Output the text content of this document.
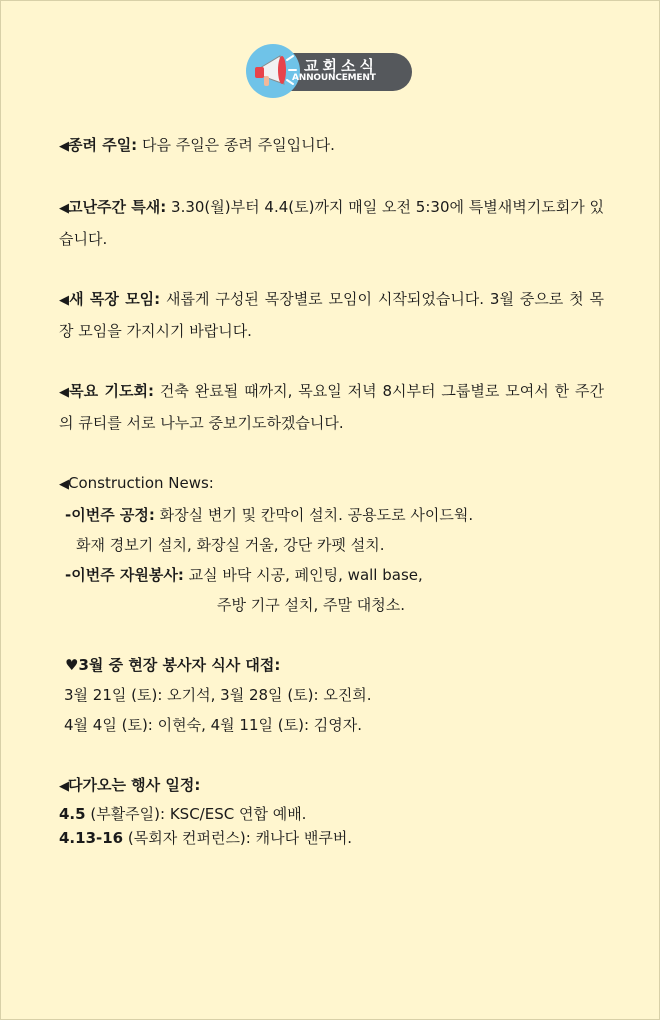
교회소식
ANNOUNCEMENT

◀종려 주일: 다음 주일은 종려 주일입니다.

◀고난주간 특새: 3.30(월)부터 4.4(토)까지 매일 오전 5:30에 특별새벽기도회가 있습니다.

◀새 목장 모임: 새롭게 구성된 목장별로 모임이 시작되었습니다. 3월 중으로 첫 목장 모임을 가지시기 바랍니다.

◀목요 기도회: 건축 완료될 때까지, 목요일 저녁 8시부터 그룹별로 모여서 한 주간의 큐티를 서로 나누고 중보기도하겠습니다.

◀Construction News:

-이번주 공정: 화장실 변기 및 칸막이 설치. 공용도로 사이드웍.

화재 경보기 설치, 화장실 거울, 강단 카펫 설치.

-이번주 자원봉사: 교실 바닥 시공, 페인팅, wall base,

주방 기구 설치, 주말 대청소.

♥3월 중 현장 봉사자 식사 대접:

3월 21일 (토): 오기석, 3월 28일 (토): 오진희.

4월 4일 (토): 이현숙, 4월 11일 (토): 김영자.

◀다가오는 행사 일정:

4.5 (부활주일): KSC/ESC 연합 예배.

4.13-16 (목회자 컨퍼런스): 캐나다 밴쿠버.
